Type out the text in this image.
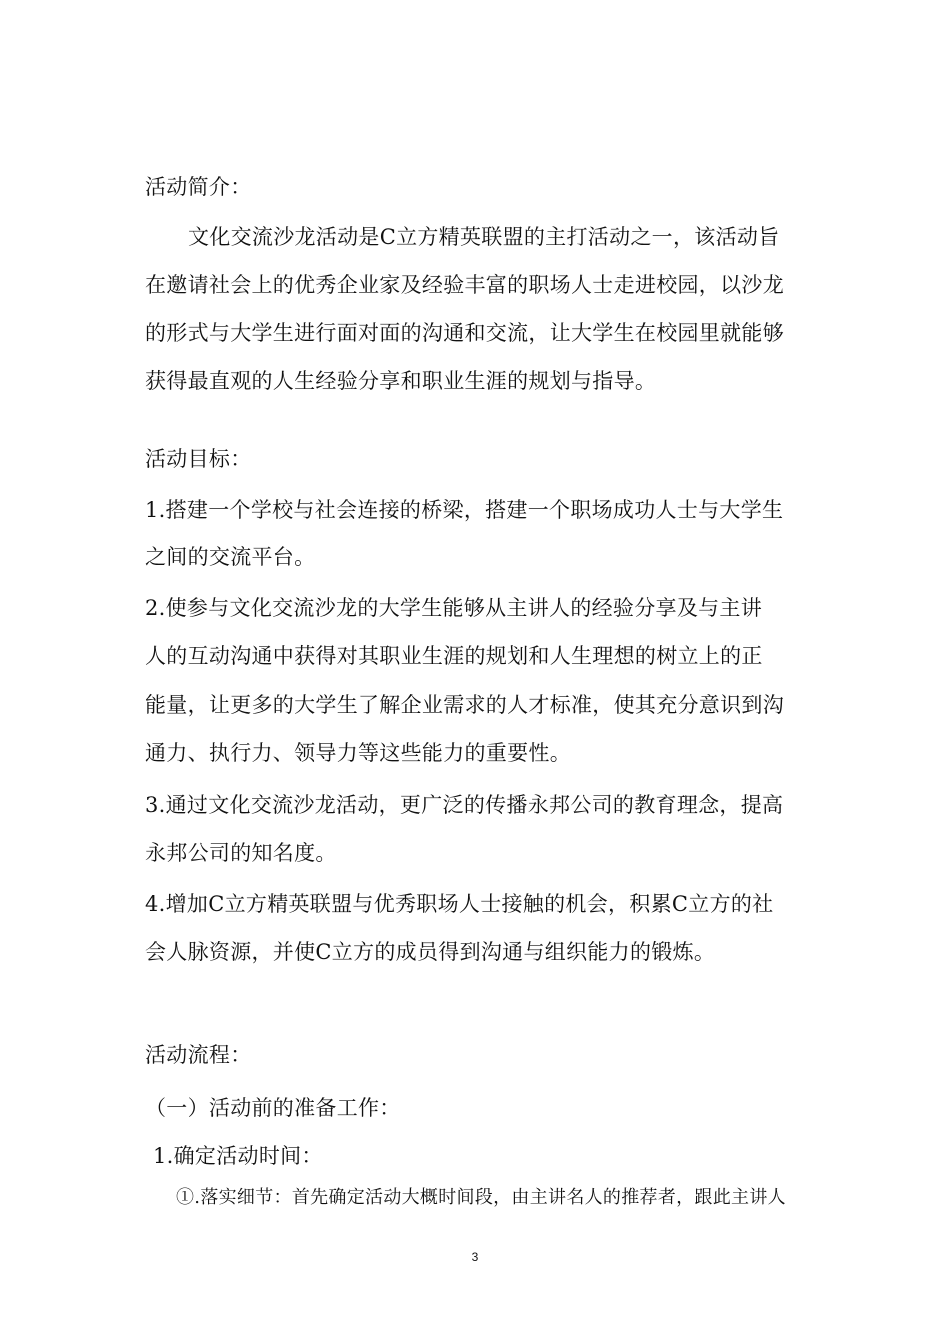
活动简介：
文化交流沙龙活动是C立方精英联盟的主打活动之一，该活动旨
在邀请社会上的优秀企业家及经验丰富的职场人士走进校园，以沙龙
的形式与大学生进行面对面的沟通和交流，让大学生在校园里就能够
获得最直观的人生经验分享和职业生涯的规划与指导。
活动目标：
1.搭建一个学校与社会连接的桥梁，搭建一个职场成功人士与大学生
之间的交流平台。
2.使参与文化交流沙龙的大学生能够从主讲人的经验分享及与主讲
人的互动沟通中获得对其职业生涯的规划和人生理想的树立上的正
能量，让更多的大学生了解企业需求的人才标准，使其充分意识到沟
通力、执行力、领导力等这些能力的重要性。
3.通过文化交流沙龙活动，更广泛的传播永邦公司的教育理念，提高
永邦公司的知名度。
4.增加C立方精英联盟与优秀职场人士接触的机会，积累C立方的社
会人脉资源，并使C立方的成员得到沟通与组织能力的锻炼。
活动流程：
（一）活动前的准备工作：
1.确定活动时间：
①.落实细节：首先确定活动大概时间段，由主讲名人的推荐者，跟此主讲人
3
